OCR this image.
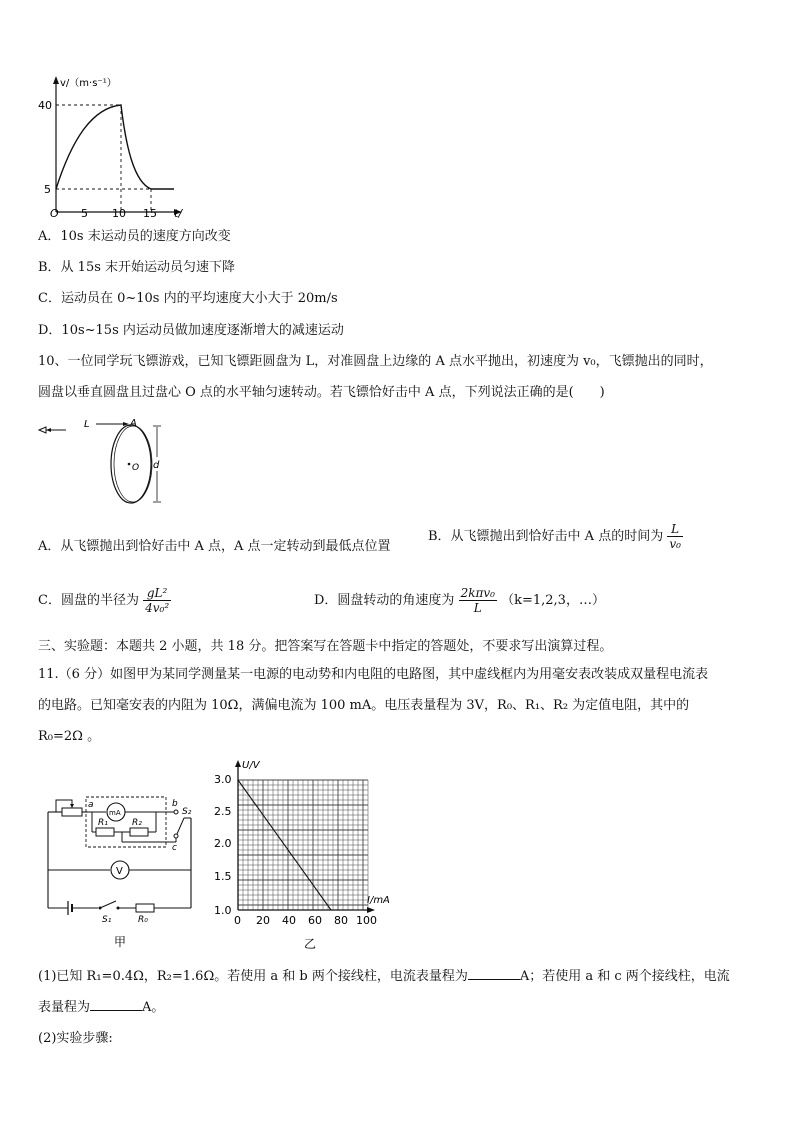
v/（m·s⁻¹）
40
5
O 5 10 15 t/
A．10s 末运动员的速度方向改变
B．从 15s 末开始运动员匀速下降
C．运动员在 0~10s 内的平均速度大小大于 20m/s
D．10s~15s 内运动员做加速度逐渐增大的减速运动
10、一位同学玩飞镖游戏，已知飞镖距圆盘为 L，对准圆盘上边缘的 A 点水平抛出，初速度为 v₀，飞镖抛出的同时，
圆盘以垂直圆盘且过盘心 O 点的水平轴匀速转动。若飞镖恰好击中 A 点，下列说法正确的是(　　)
L	A
O d
A．从飞镖抛出到恰好击中 A 点，A 点一定转动到最低点位置
B．从飞镖抛出到恰好击中 A 点的时间为 $\frac{L}{\text{v₀}}$
C．圆盘的半径为 $\frac{\text{gL²}}{\text{4v₀²}}$	D．圆盘转动的角速度为 $\frac{\text{2kπv₀}}{L} (k=1,2,3$，…）
三、实验题：本题共 2 小题，共 18 分。把答案写在答题卡中指定的答题处，不要求写出演算过程。
11.（6 分）如图甲为某同学测量某一电源的电动势和内电阻的电路图，其中虚线框内为用毫安表改装成双量程电流表
的电路。已知毫安表的内阻为 10Ω，满偏电流为 100 mA。电压表量程为 3V，R₀、R₁、R₂ 为定值电阻，其中的
R₀=2Ω 。
a
mA
R₁	R₂
b
S₂
c
V
S₁	R₀
甲
U/V
I/mA
3.0
2.5
2.0
1.5
1.0
0 20 40 60 80 100
乙
(1)已知 R₁=0.4Ω，R₂=1.6Ω。若使用 a 和 b 两个接线柱，电流表量程为	A；若使用 a 和 c 两个接线柱，电流
表量程为	A。
(2)实验步骤:
